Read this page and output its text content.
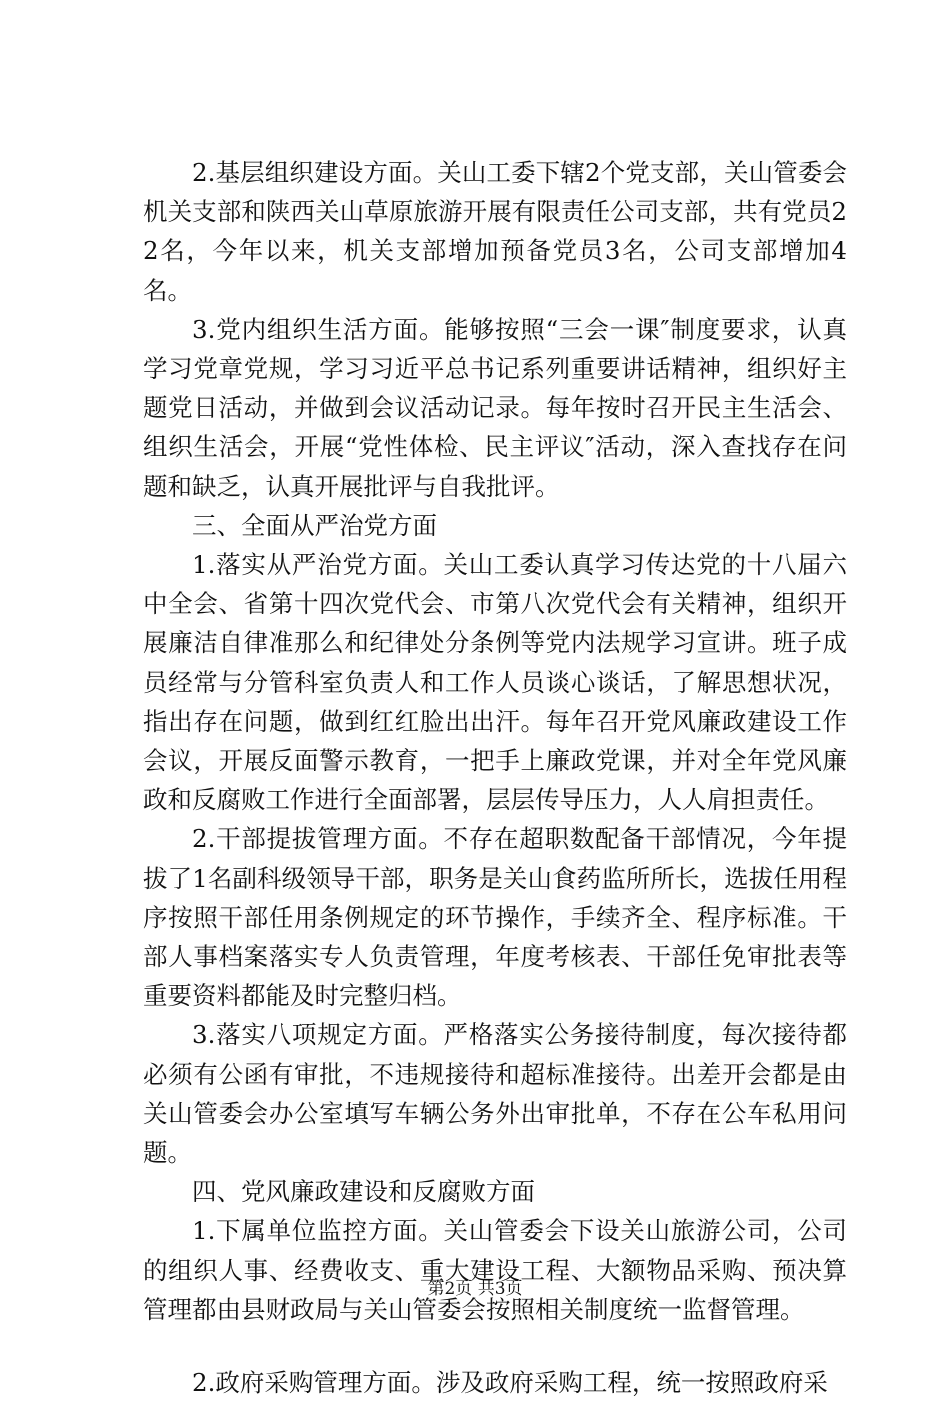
2.基层组织建设方面。关山工委下辖2个党支部，关山管委会机关支部和陕西关山草原旅游开展有限责任公司支部，共有党员22名，今年以来，机关支部增加预备党员3名，公司支部增加4名。

3.党内组织生活方面。能够按照“三会一课″制度要求，认真学习党章党规，学习习近平总书记系列重要讲话精神，组织好主题党日活动，并做到会议活动记录。每年按时召开民主生活会、组织生活会，开展“党性体检、民主评议″活动，深入查找存在问题和缺乏，认真开展批评与自我批评。

三、全面从严治党方面

1.落实从严治党方面。关山工委认真学习传达党的十八届六中全会、省第十四次党代会、市第八次党代会有关精神，组织开展廉洁自律准那么和纪律处分条例等党内法规学习宣讲。班子成员经常与分管科室负责人和工作人员谈心谈话，了解思想状况，指出存在问题，做到红红脸出出汗。每年召开党风廉政建设工作会议，开展反面警示教育，一把手上廉政党课，并对全年党风廉政和反腐败工作进行全面部署，层层传导压力，人人肩担责任。

2.干部提拔管理方面。不存在超职数配备干部情况，今年提拔了1名副科级领导干部，职务是关山食药监所所长，选拔任用程序按照干部任用条例规定的环节操作，手续齐全、程序标准。干部人事档案落实专人负责管理，年度考核表、干部任免审批表等重要资料都能及时完整归档。

3.落实八项规定方面。严格落实公务接待制度，每次接待都必须有公函有审批，不违规接待和超标准接待。出差开会都是由关山管委会办公室填写车辆公务外出审批单，不存在公车私用问题。

四、党风廉政建设和反腐败方面

1.下属单位监控方面。关山管委会下设关山旅游公司，公司的组织人事、经费收支、重大建设工程、大额物品采购、预决算管理都由县财政局与关山管委会按照相关制度统一监督管理。

2.政府采购管理方面。涉及政府采购工程，统一按照政府采

第2页 共3页
